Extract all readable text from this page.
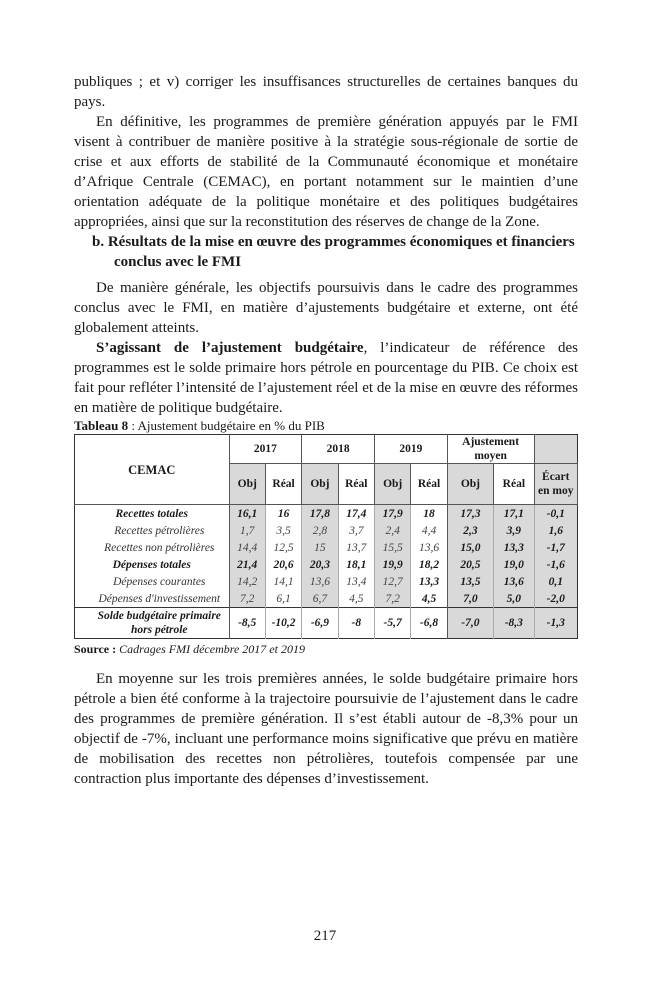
publiques ; et v) corriger les insuffisances structurelles de certaines banques du pays.

En définitive, les programmes de première génération appuyés par le FMI visent à contribuer de manière positive à la stratégie sous-régionale de sortie de crise et aux efforts de stabilité de la Communauté économique et monétaire d’Afrique Centrale (CEMAC), en portant notamment sur le maintien d’une orientation adéquate de la politique monétaire et des politiques budgétaires appropriées, ainsi que sur la reconstitution des réserves de change de la Zone.

b. Résultats de la mise en œuvre des programmes économiques et financiers conclus avec le FMI

De manière générale, les objectifs poursuivis dans le cadre des programmes conclus avec le FMI, en matière d’ajustements budgétaire et externe, ont été globalement atteints.

S’agissant de l’ajustement budgétaire, l’indicateur de référence des programmes est le solde primaire hors pétrole en pourcentage du PIB. Ce choix est fait pour refléter l’intensité de l’ajustement réel et de la mise en œuvre des réformes en matière de politique budgétaire.

Tableau 8 : Ajustement budgétaire en % du PIB

CEMAC	2017		2018		2019		Ajustement moyen		
	Obj	Réal	Obj	Réal	Obj	Réal	Obj	Réal	Écart en moy
Recettes totales	16,1	16	17,8	17,4	17,9	18	17,3	17,1	-0,1
Recettes pétrolières	1,7	3,5	2,8	3,7	2,4	4,4	2,3	3,9	1,6
Recettes non pétrolières	14,4	12,5	15	13,7	15,5	13,6	15,0	13,3	-1,7
Dépenses totales	21,4	20,6	20,3	18,1	19,9	18,2	20,5	19,0	-1,6
Dépenses courantes	14,2	14,1	13,6	13,4	12,7	13,3	13,5	13,6	0,1
Dépenses d'investissement	7,2	6,1	6,7	4,5	7,2	4,5	7,0	5,0	-2,0
Solde budgétaire primaire hors pétrole	-8,5	-10,2	-6,9	-8	-5,7	-6,8	-7,0	-8,3	-1,3

Source : Cadrages FMI décembre 2017 et 2019

En moyenne sur les trois premières années, le solde budgétaire primaire hors pétrole a bien été conforme à la trajectoire poursuivie de l’ajustement dans le cadre des programmes de première génération. Il s’est établi autour de -8,3% pour un objectif de -7%, incluant une performance moins significative que prévu en matière de mobilisation des recettes non pétrolières, toutefois compensée par une contraction plus importante des dépenses d’investissement.

217
